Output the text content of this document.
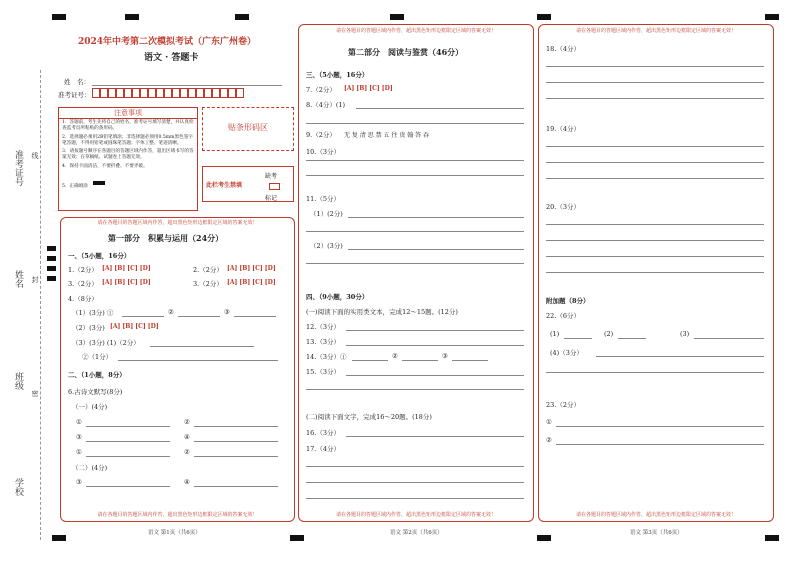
准考证号
姓名
班级
学校
线
封
密
2024年中考第二次模拟考试（广东广州卷）
语文 · 答题卡
姓　名：
准考证号：
注意事项
1．答题前，考生先将自己的姓名，准考证号填写清楚，并认真检查监考员所粘贴的条形码。
2．选择题必须用2B铅笔填涂；非选择题必须用0.5mm黑色签字笔答题，不得用铅笔或圆珠笔答题；字体工整、笔迹清晰。
3．请按题号顺序在各题目的答题区域内作答，超出区域书写的答案无效；在草稿纸、试题卷上答题无效。
4．保持卡面清洁，不要折叠、不要弄破。
5．正确填涂
贴条形码区
此栏考生禁填
缺考
标记
请在各题目的答题区域内作答，超出黑色矩形边框限定区域的答案无效！
第一部分　积累与运用（24分）
一、（5小题，16分）
1.（2分） [A] [B] [C] [D]	2.（2分） [A] [B] [C] [D]
3.（2分） [A] [B] [C] [D]	3.（2分） [A] [B] [C] [D]
4.（8分）
（1）(3分) ①	②	③
（2）(3分) [A] [B] [C] [D]
（3）(3分) (1)（2分）
②（1分）
二、（1小题，8分）
6.古诗文默写(8分)
（一）(4分)
①	②
③	④
①	②
（二）(4分)
③	④
请在各题目的答题区域内作答，超出黑色矩形边框限定区域的答案无效！
语文 第1页（共6页）
请在各题目的答题区域内作答，超出黑色矩形边框限定区域的答案无效！
第二部分　阅读与鉴赏（46分）
三、（5小题，16分）
7.（2分） [A] [B] [C] [D]
8.（4分）(1)
9.（2分） 无 复 清 思 禁 五 往 贵 翰 答 吞
10.（3分）
11.（5分）
（1）(2分)
（2）(3分)
四、（9小题，30分）
(一)阅读下面的实用类文本，完成12～15题。(12分)
12.（3分）
13.（3分）
14.（3分）①	②	③
15.（3分）
(二)阅读下面文字，完成16～20题。(18分)
16.（3分）
17.（4分）
请在各题目的答题区域内作答，超出黑色矩形边框限定区域的答案无效！
语文 第2页（共6页）
请在各题目的答题区域内作答，超出黑色矩形边框限定区域的答案无效！
18.（4分）
19.（4分）
20.（3分）
附加题（8分）
22.（6分）
(1)	(2)	(3)
(4)（3分）
23.（2分）
①
②
请在各题目的答题区域内作答，超出黑色矩形边框限定区域的答案无效！
语文 第3页（共6页）
